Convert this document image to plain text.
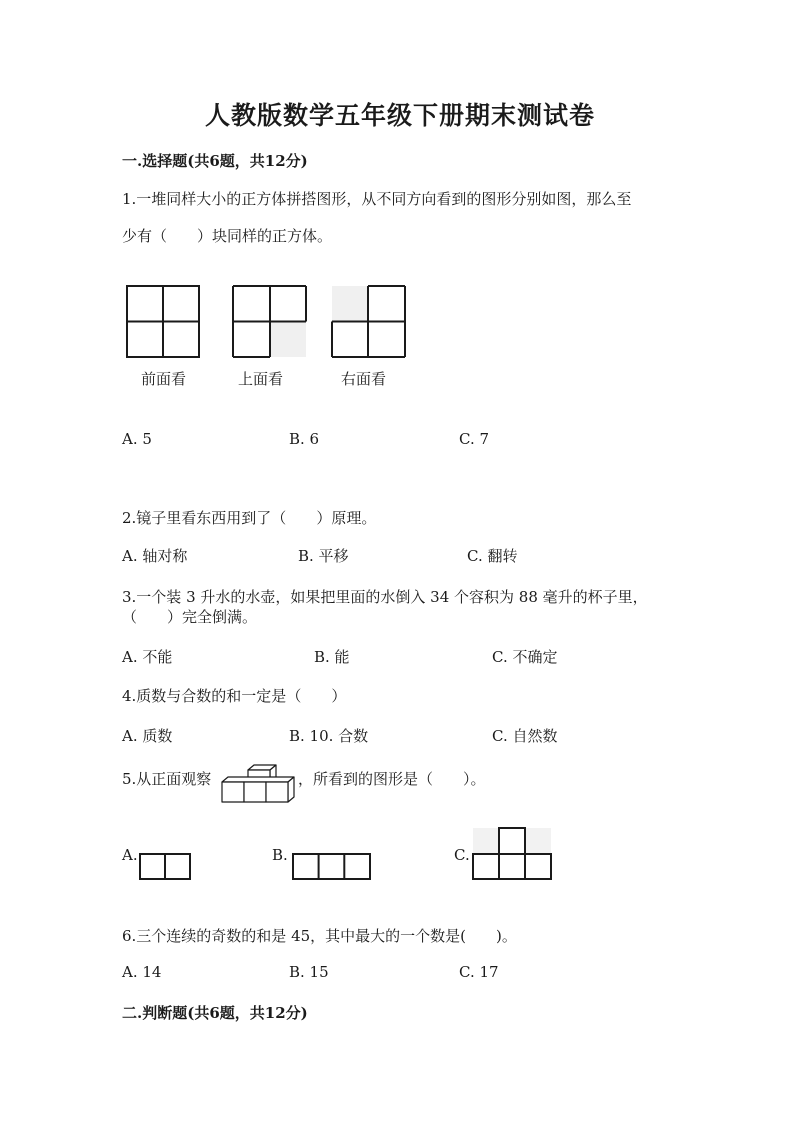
人教版数学五年级下册期末测试卷
一.选择题(共6题，共12分)
1.一堆同样大小的正方体拼搭图形，从不同方向看到的图形分别如图，那么至
少有（　　）块同样的正方体。
前面看	上面看	右面看
A. 5	B. 6	C. 7
2.镜子里看东西用到了（　　）原理。
A. 轴对称	B. 平移	C. 翻转
3.一个装 3 升水的水壶，如果把里面的水倒入 34 个容积为 88 毫升的杯子里，
（　　）完全倒满。
A. 不能	B. 能	C. 不确定
4.质数与合数的和一定是（　　）
A. 质数	B. 10. 合数	C. 自然数
5.从正面观察	，所看到的图形是（　　）。
A.	B.	C.
6.三个连续的奇数的和是 45，其中最大的一个数是(　　)。
A. 14	B. 15	C. 17
二.判断题(共6题，共12分)
